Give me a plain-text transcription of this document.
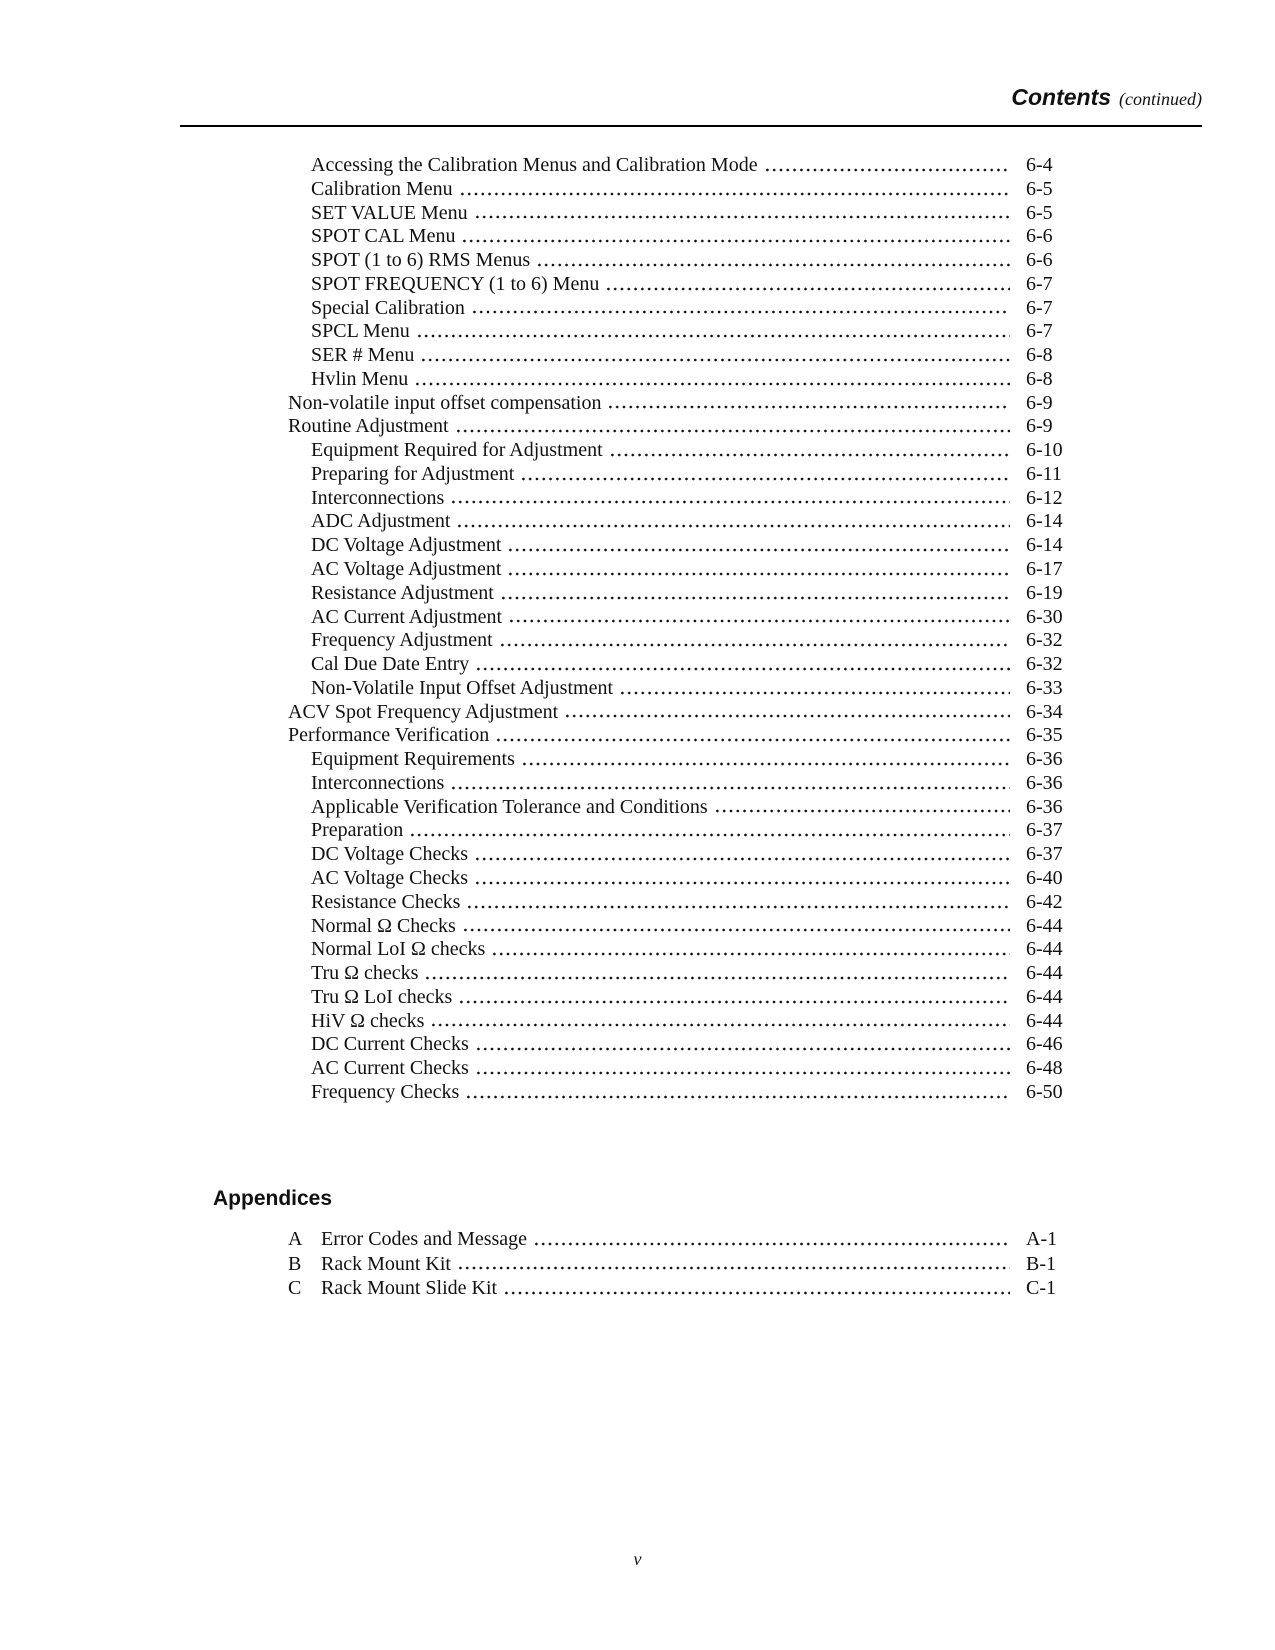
Contents (continued)
Accessing the Calibration Menus and Calibration Mode	6-4
Calibration Menu	6-5
SET VALUE Menu	6-5
SPOT CAL Menu	6-6
SPOT (1 to 6) RMS Menus	6-6
SPOT FREQUENCY (1 to 6) Menu	6-7
Special Calibration	6-7
SPCL Menu	6-7
SER # Menu	6-8
Hvlin Menu	6-8
Non-volatile input offset compensation	6-9
Routine Adjustment	6-9
Equipment Required for Adjustment	6-10
Preparing for Adjustment	6-11
Interconnections	6-12
ADC Adjustment	6-14
DC Voltage Adjustment	6-14
AC Voltage Adjustment	6-17
Resistance Adjustment	6-19
AC Current Adjustment	6-30
Frequency Adjustment	6-32
Cal Due Date Entry	6-32
Non-Volatile Input Offset Adjustment	6-33
ACV Spot Frequency Adjustment	6-34
Performance Verification	6-35
Equipment Requirements	6-36
Interconnections	6-36
Applicable Verification Tolerance and Conditions	6-36
Preparation	6-37
DC Voltage Checks	6-37
AC Voltage Checks	6-40
Resistance Checks	6-42
Normal Ω Checks	6-44
Normal LoI Ω checks	6-44
Tru Ω checks	6-44
Tru Ω LoI checks	6-44
HiV Ω checks	6-44
DC Current Checks	6-46
AC Current Checks	6-48
Frequency Checks	6-50
Appendices
A Error Codes and Message	A-1
B Rack Mount Kit	B-1
C Rack Mount Slide Kit	C-1
v
